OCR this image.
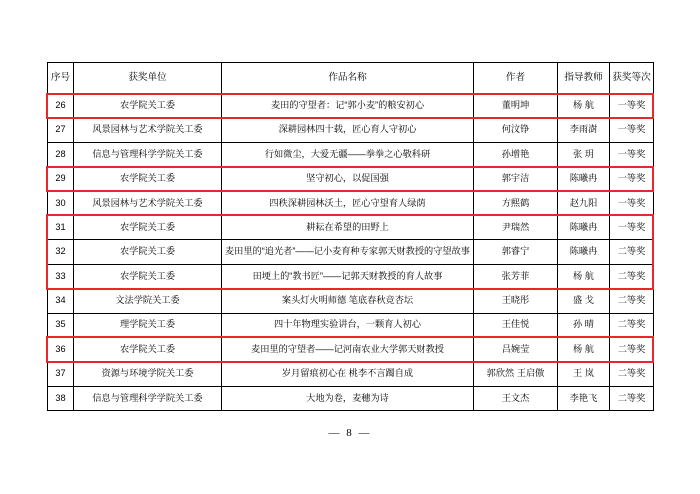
序号	获奖单位	作品名称	作者	指导教师	获奖等次
26	农学院关工委	麦田的守望者：记“郭小麦”的粮安初心	董明坤	杨 航	一等奖
27	风景园林与艺术学院关工委	深耕园林四十载，匠心育人守初心	何汶铮	李雨澍	一等奖
28	信息与管理科学学院关工委	行如微尘，大爱无疆——拳拳之心敬科研	孙增艳	张 玥	一等奖
29	农学院关工委	坚守初心，以促国强	郭宇洁	陈曦冉	一等奖
30	风景园林与艺术学院关工委	四秩深耕园林沃土，匠心守望育人绿荫	方熙鹤	赵九阳	一等奖
31	农学院关工委	耕耘在希望的田野上	尹瑞然	陈曦冉	一等奖
32	农学院关工委	麦田里的“追光者”——记小麦育种专家郭天财教授的守望故事	郭睿宁	陈曦冉	二等奖
33	农学院关工委	田埂上的“教书匠”——记郭天财教授的育人故事	张芳菲	杨 航	二等奖
34	文法学院关工委	案头灯火明师德 笔底春秋竞杏坛	王晓彤	盛 戈	二等奖
35	理学院关工委	四十年物理实验讲台，一颗育人初心	王佳悦	孙 晴	二等奖
36	农学院关工委	麦田里的守望者——记河南农业大学郭天财教授	吕婉莹	杨 航	二等奖
37	资源与环境学院关工委	岁月留痕初心在 桃李不言躅自成	郭欣然 王启傲	王 岚	二等奖
38	信息与管理科学学院关工委	大地为卷，麦穗为诗	王文杰	李艳飞	二等奖
— 8 —
